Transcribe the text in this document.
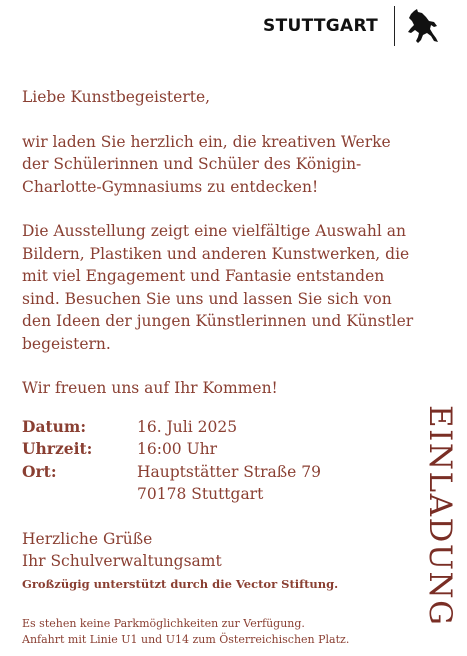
STUTTGART

Liebe Kunstbegeisterte,

wir laden Sie herzlich ein, die kreativen Werke der Schülerinnen und Schüler des Königin-Charlotte-Gymnasiums zu entdecken!

Die Ausstellung zeigt eine vielfältige Auswahl an Bildern, Plastiken und anderen Kunstwerken, die mit viel Engagement und Fantasie entstanden sind. Besuchen Sie uns und lassen Sie sich von den Ideen der jungen Künstlerinnen und Künstler begeistern.

Wir freuen uns auf Ihr Kommen!

Datum:	16. Juli 2025
Uhrzeit:	16:00 Uhr
Ort:	Hauptstätter Straße 79
70178 Stuttgart

Herzliche Grüße

Ihr Schulverwaltungsamt

Großzügig unterstützt durch die Vector Stiftung.

Es stehen keine Parkmöglichkeiten zur Verfügung.

Anfahrt mit Linie U1 und U14 zum Österreichischen Platz.

EINLADUNG
